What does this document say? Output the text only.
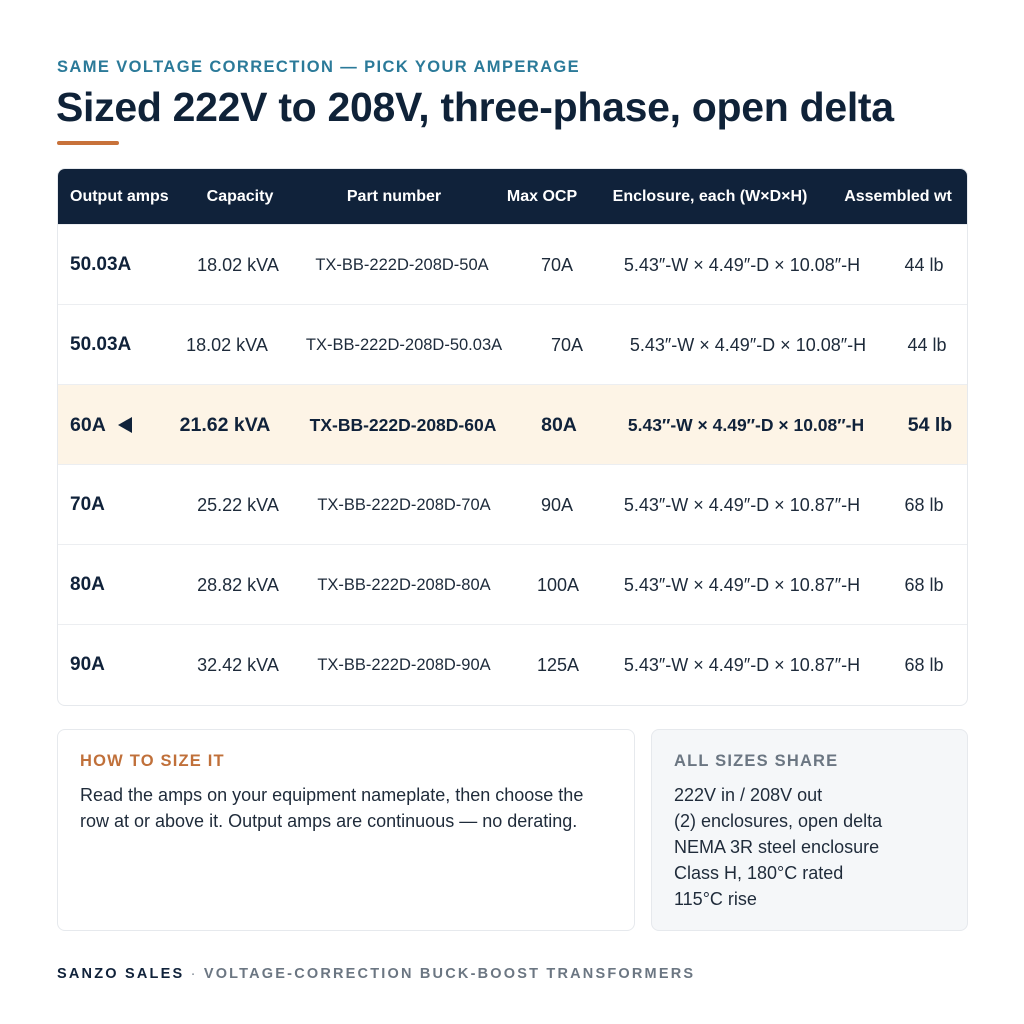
SAME VOLTAGE CORRECTION — PICK YOUR AMPERAGE
Sized 222V to 208V, three-phase, open delta
Output amps Capacity	Part number	Max OCP Enclosure, each (W×D×H) Assembled wt
50.03A	18.02 kVA TX-BB-222D-208D-50A	70A	5.43″-W × 4.49″-D × 10.08″-H 44 lb
50.03A	18.02 kVA TX-BB-222D-208D-50.03A	70A	5.43″-W × 4.49″-D × 10.08″-H 44 lb
60A	21.62 kVA TX-BB-222D-208D-60A 80A	5.43″-W × 4.49″-D × 10.08″-H 54 lb
70A	25.22 kVA TX-BB-222D-208D-70A	90A	5.43″-W × 4.49″-D × 10.87″-H 68 lb
80A	28.82 kVA TX-BB-222D-208D-80A	100A 5.43″-W × 4.49″-D × 10.87″-H 68 lb
90A	32.42 kVA TX-BB-222D-208D-90A	125A 5.43″-W × 4.49″-D × 10.87″-H 68 lb
HOW TO SIZE IT

Read the amps on your equipment nameplate, then choose the row at or above it. Output amps are continuous — no derating.

ALL SIZES SHARE
222V in / 208V out
(2) enclosures, open delta
NEMA 3R steel enclosure
Class H, 180°C rated
115°C rise
SANZO SALES · VOLTAGE-CORRECTION BUCK-BOOST TRANSFORMERS
